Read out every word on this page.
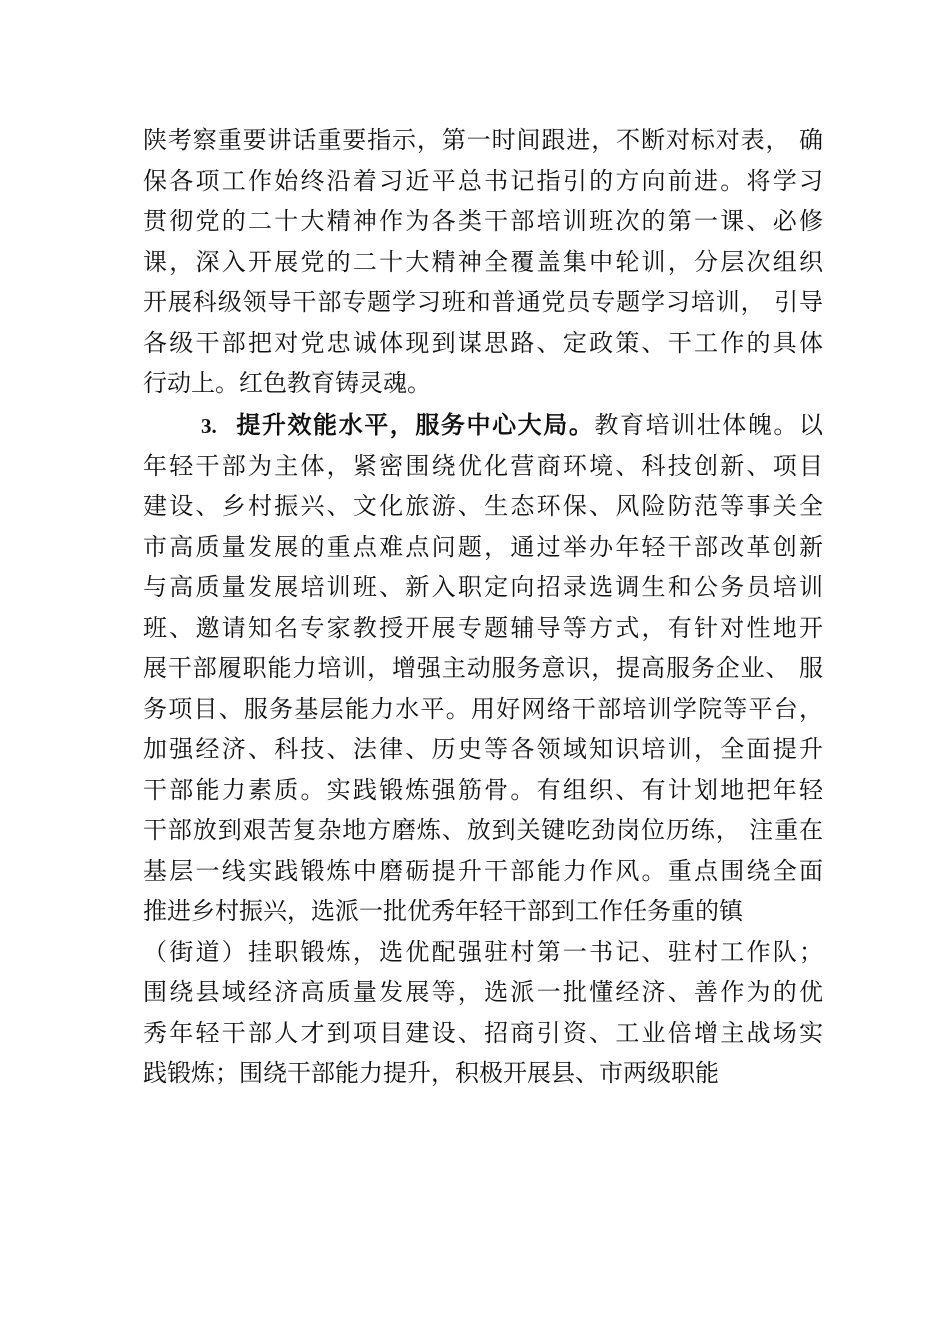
陕考察重要讲话重要指示，第一时间跟进，不断对标对表， 确
保各项工作始终沿着习近平总书记指引的方向前进。将学习
贯彻党的二十大精神作为各类干部培训班次的第一课、必修
课，深入开展党的二十大精神全覆盖集中轮训，分层次组织
开展科级领导干部专题学习班和普通党员专题学习培训， 引导
各级干部把对党忠诚体现到谋思路、定政策、干工作的具体
行动上。红色教育铸灵魂。
3. 提升效能水平，服务中心大局。教育培训壮体魄。以
年轻干部为主体，紧密围绕优化营商环境、科技创新、项目
建设、乡村振兴、文化旅游、生态环保、风险防范等事关全
市高质量发展的重点难点问题，通过举办年轻干部改革创新
与高质量发展培训班、新入职定向招录选调生和公务员培训
班、邀请知名专家教授开展专题辅导等方式，有针对性地开
展干部履职能力培训，增强主动服务意识，提高服务企业、 服
务项目、服务基层能力水平。用好网络干部培训学院等平台，
加强经济、科技、法律、历史等各领域知识培训，全面提升
干部能力素质。实践锻炼强筋骨。有组织、有计划地把年轻
干部放到艰苦复杂地方磨炼、放到关键吃劲岗位历练， 注重在
基层一线实践锻炼中磨砺提升干部能力作风。重点围绕全面
推进乡村振兴，选派一批优秀年轻干部到工作任务重的镇
（街道）挂职锻炼，选优配强驻村第一书记、驻村工作队；
围绕县域经济高质量发展等，选派一批懂经济、善作为的优
秀年轻干部人才到项目建设、招商引资、工业倍增主战场实
践锻炼；围绕干部能力提升，积极开展县、市两级职能
